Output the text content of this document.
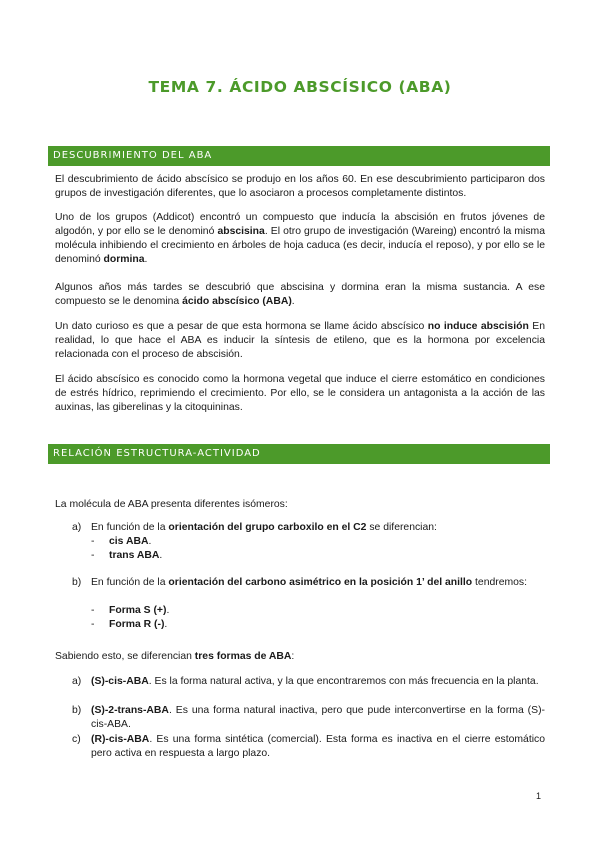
TEMA 7. ÁCIDO ABSCÍSICO (ABA)
DESCUBRIMIENTO DEL ABA

El descubrimiento de ácido abscísico se produjo en los años 60. En ese descubrimiento participaron dos grupos de investigación diferentes, que lo asociaron a procesos completamente distintos.

Uno de los grupos (Addicot) encontró un compuesto que inducía la abscisión en frutos jóvenes de algodón, y por ello se le denominó abscisina. El otro grupo de investigación (Wareing) encontró la misma molécula inhibiendo el crecimiento en árboles de hoja caduca (es decir, inducía el reposo), y por ello se le denominó dormina.

Algunos años más tardes se descubrió que abscisina y dormina eran la misma sustancia. A ese compuesto se le denomina ácido abscísico (ABA).

Un dato curioso es que a pesar de que esta hormona se llame ácido abscísico no induce abscisión En realidad, lo que hace el ABA es inducir la síntesis de etileno, que es la hormona por excelencia relacionada con el proceso de abscisión.

El ácido abscísico es conocido como la hormona vegetal que induce el cierre estomático en condiciones de estrés hídrico, reprimiendo el crecimiento. Por ello, se le considera un antagonista a la acción de las auxinas, las giberelinas y la citoquininas.

RELACIÓN ESTRUCTURA-ACTIVIDAD

La molécula de ABA presenta diferentes isómeros:

a) En función de la orientación del grupo carboxilo en el C2 se diferencian:

- cis ABA.

- trans ABA.

b) En función de la orientación del carbono asimétrico en la posición 1’ del anillo tendremos:

- Forma S (+).

- Forma R (-).

Sabiendo esto, se diferencian tres formas de ABA:

a) (S)-cis-ABA. Es la forma natural activa, y la que encontraremos con más frecuencia en la planta.

b) (S)-2-trans-ABA. Es una forma natural inactiva, pero que pude interconvertirse en la forma (S)-cis-ABA.

c) (R)-cis-ABA. Es una forma sintética (comercial). Esta forma es inactiva en el cierre estomático pero activa en respuesta a largo plazo.

1
